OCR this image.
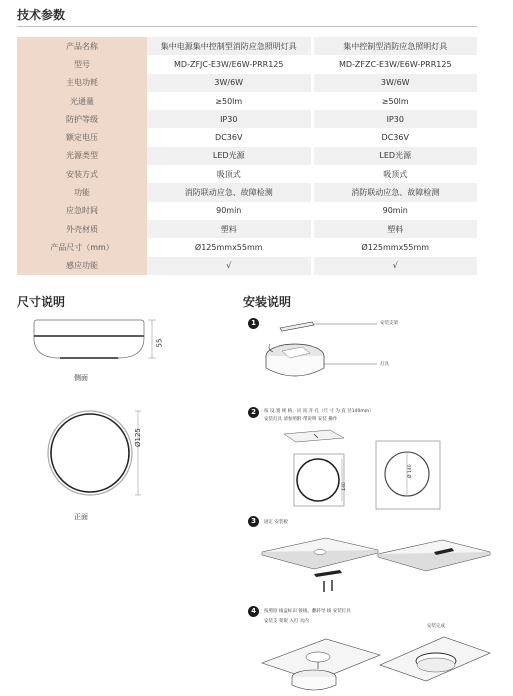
技术参数
产品名称	集中电源集中控制型消防应急照明灯具		集中控制型消防应急照明灯具
型号	MD-ZFJC-E3W/E6W-PRR125		MD-ZFZC-E3W/E6W-PRR125
主电功耗	3W/6W		3W/6W
光通量	≥50lm		≥50lm
防护等级	IP30		IP30
额定电压	DC36V		DC36V
光源类型	LED光源		LED光源
安装方式	吸顶式		吸顶式
功能	消防联动应急、故障检测		消防联动应急、故障检测
应急时间	90min		90min
外壳材质	塑料		塑料
产品尺寸（mm）	Ø125mmx55mm		Ø125mmx55mm
感应功能	√		√
尺寸说明
55
侧面
Ø125
正面
安装说明
1	安装支架
灯具
2	按 设 置 规 格，吊 顶 开 孔（尺 寸 为 直 径140mm）
安装灯具 请参照附 带说明 安装 操作
140
Ø 140
3	固定 安装板
4	按照原 线盒标识 接线，翻转导 线 安装灯具
安装支 架嵌 入灯 具内
安装完成
